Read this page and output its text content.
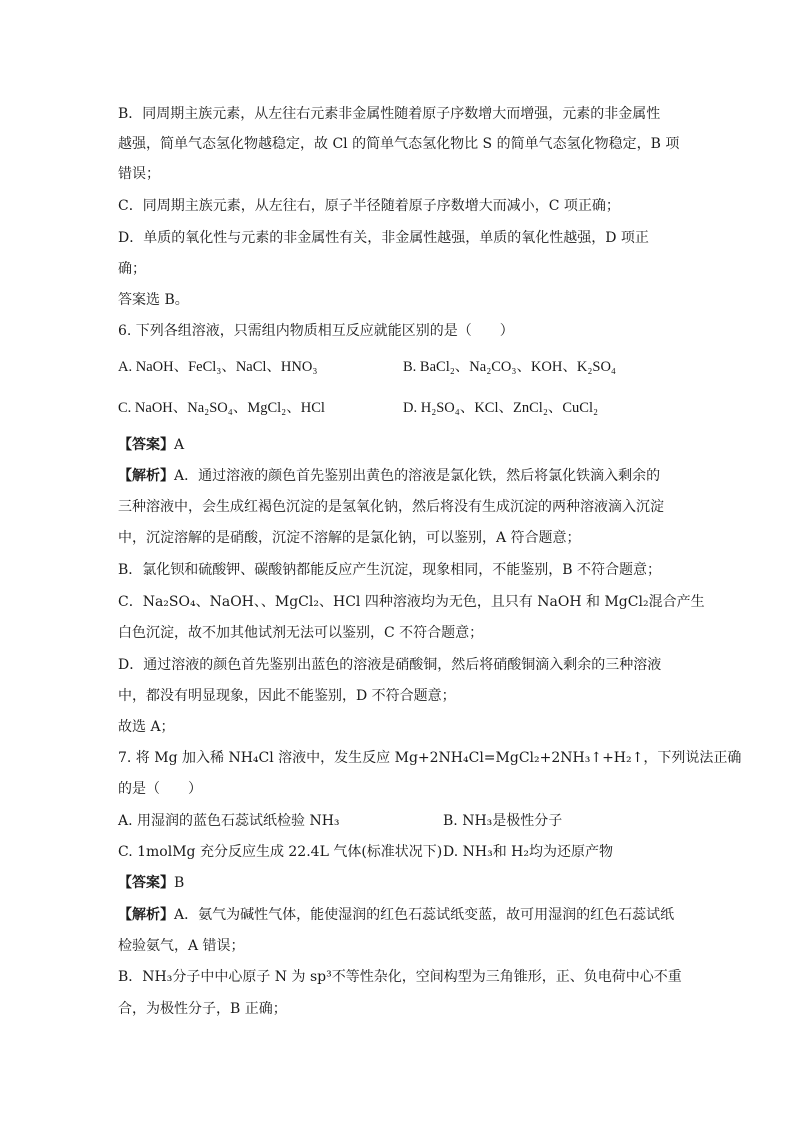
B．同周期主族元素，从左往右元素非金属性随着原子序数增大而增强，元素的非金属性
越强，简单气态氢化物越稳定，故 Cl 的简单气态氢化物比 S 的简单气态氢化物稳定，B 项
错误；
C．同周期主族元素，从左往右，原子半径随着原子序数增大而减小，C 项正确；
D．单质的氧化性与元素的非金属性有关，非金属性越强，单质的氧化性越强，D 项正
确；
答案选 B。
6. 下列各组溶液，只需组内物质相互反应就能区别的是（　　）
A. NaOH、FeCl₃、NaCl、HNO₃	B. BaCl₂、Na₂CO₃、KOH、K₂SO₄
C. NaOH、Na₂SO₄、MgCl₂、HCl	D. H₂SO₄、KCl、ZnCl₂、CuCl₂
【答案】A
【解析】A．通过溶液的颜色首先鉴别出黄色的溶液是氯化铁，然后将氯化铁滴入剩余的
三种溶液中，会生成红褐色沉淀的是氢氧化钠，然后将没有生成沉淀的两种溶液滴入沉淀
中，沉淀溶解的是硝酸，沉淀不溶解的是氯化钠，可以鉴别，A 符合题意；
B．氯化钡和硫酸钾、碳酸钠都能反应产生沉淀，现象相同，不能鉴别，B 不符合题意；
C．Na₂SO₄、NaOH、、MgCl₂、HCl 四种溶液均为无色，且只有 NaOH 和 MgCl₂混合产生
白色沉淀，故不加其他试剂无法可以鉴别，C 不符合题意；
D．通过溶液的颜色首先鉴别出蓝色的溶液是硝酸铜，然后将硝酸铜滴入剩余的三种溶液
中，都没有明显现象，因此不能鉴别，D 不符合题意；
故选 A；
7. 将 Mg 加入稀 NH₄Cl 溶液中，发生反应 Mg+2NH₄Cl=MgCl₂+2NH₃↑+H₂↑，下列说法正确
的是（　　）
A. 用湿润的蓝色石蕊试纸检验 NH₃	B. NH₃是极性分子
C. 1molMg 充分反应生成 22.4L 气体(标准状况下) D. NH₃和 H₂均为还原产物
【答案】B
【解析】A．氨气为碱性气体，能使湿润的红色石蕊试纸变蓝，故可用湿润的红色石蕊试纸
检验氨气，A 错误；
B．NH₃分子中中心原子 N 为 sp³不等性杂化，空间构型为三角锥形，正、负电荷中心不重
合，为极性分子，B 正确；
